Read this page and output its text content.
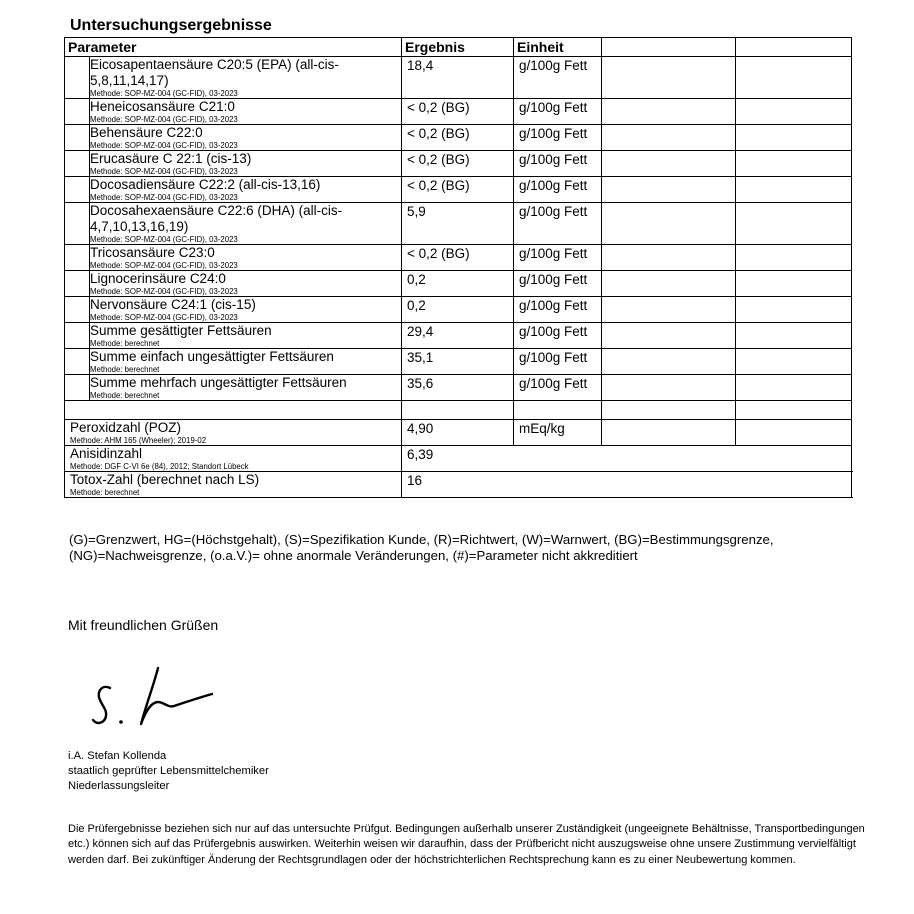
Untersuchungsergebnisse
Parameter		Ergebnis	Einheit		

	Eicosapentaensäure C20:5 (EPA) (all-cis-5,8,11,14,17)
Methode: SOP-MZ-004 (GC-FID), 03-2023	18,4	g/100g Fett		

	Heneicosansäure C21:0
Methode: SOP-MZ-004 (GC-FID), 03-2023	< 0,2 (BG)	g/100g Fett		

	Behensäure C22:0
Methode: SOP-MZ-004 (GC-FID), 03-2023	< 0,2 (BG)	g/100g Fett		

	Erucasäure C 22:1 (cis-13)
Methode: SOP-MZ-004 (GC-FID), 03-2023	< 0,2 (BG)	g/100g Fett		

	Docosadiensäure C22:2 (all-cis-13,16)
Methode: SOP-MZ-004 (GC-FID), 03-2023	< 0,2 (BG)	g/100g Fett		

	Docosahexaensäure C22:6 (DHA) (all-cis-4,7,10,13,16,19)
Methode: SOP-MZ-004 (GC-FID), 03-2023	5,9	g/100g Fett		

	Tricosansäure C23:0
Methode: SOP-MZ-004 (GC-FID), 03-2023	< 0,2 (BG)	g/100g Fett		

	Lignocerinsäure C24:0
Methode: SOP-MZ-004 (GC-FID), 03-2023	0,2	g/100g Fett		

	Nervonsäure C24:1 (cis-15)
Methode: SOP-MZ-004 (GC-FID), 03-2023	0,2	g/100g Fett		

	Summe gesättigter Fettsäuren
Methode: berechnet	29,4	g/100g Fett		

	Summe einfach ungesättigter Fettsäuren
Methode: berechnet	35,1	g/100g Fett		

	Summe mehrfach ungesättigter Fettsäuren
Methode: berechnet	35,6	g/100g Fett		

Peroxidzahl (POZ)
Methode: AHM 165 (Wheeler); 2019-02		4,90	mEq/kg		

Anisidinzahl
Methode: DGF C-VI 6e (84), 2012; Standort Lübeck		6,39			

Totox-Zahl (berechnet nach LS)
Methode: berechnet		16			
(G)=Grenzwert, HG=(Höchstgehalt), (S)=Spezifikation Kunde, (R)=Richtwert, (W)=Warnwert, (BG)=Bestimmungsgrenze,
(NG)=Nachweisgrenze, (o.a.V.)= ohne anormale Veränderungen, (#)=Parameter nicht akkreditiert
Mit freundlichen Grüßen
i.A. Stefan Kollenda
staatlich geprüfter Lebensmittelchemiker
Niederlassungsleiter
Die Prüfergebnisse beziehen sich nur auf das untersuchte Prüfgut. Bedingungen außerhalb unserer Zuständigkeit (ungeeignete Behältnisse, Transportbedingungen etc.) können sich auf das Prüfergebnis auswirken. Weiterhin weisen wir daraufhin, dass der Prüfbericht nicht auszugsweise ohne unsere Zustimmung vervielfältigt werden darf. Bei zukünftiger Änderung der Rechtsgrundlagen oder der höchstrichterlichen Rechtsprechung kann es zu einer Neubewertung kommen.
